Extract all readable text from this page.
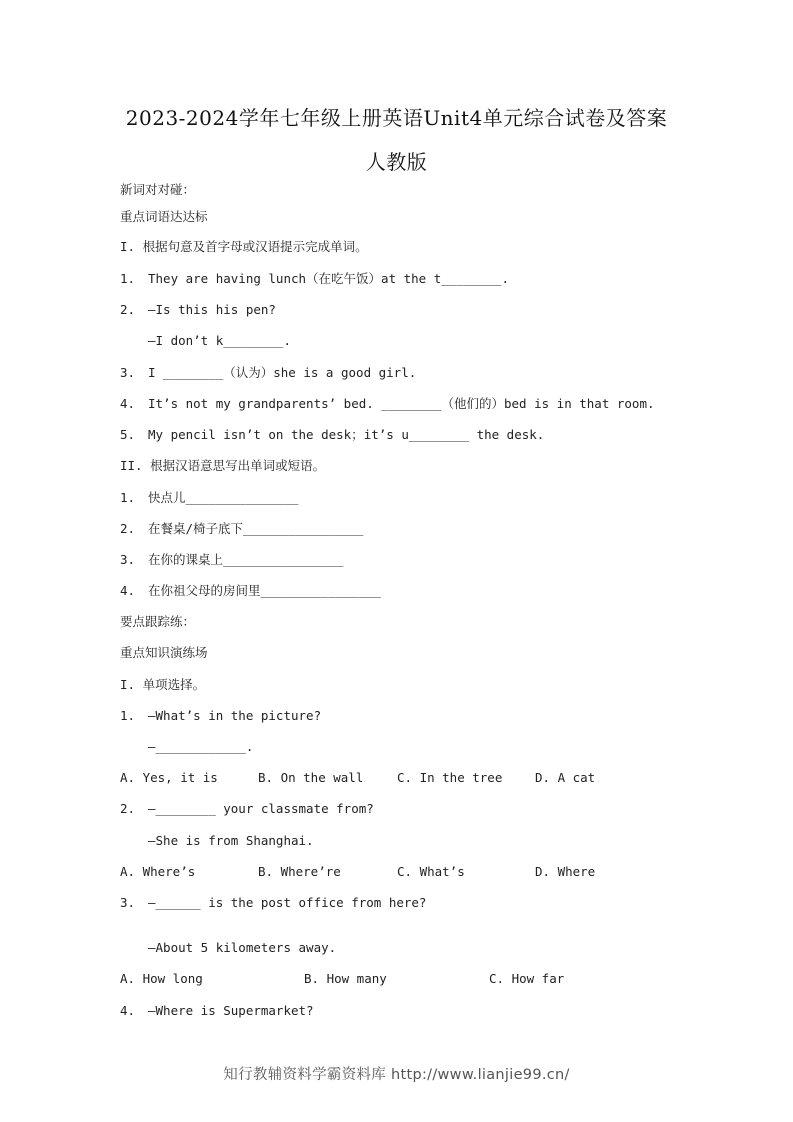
2023-2024学年七年级上册英语Unit4单元综合试卷及答案
人教版
新词对对碰：
重点词语达达标
I. 根据句意及首字母或汉语提示完成单词。
1. They are having lunch（在吃午饭）at the t________.
2. —Is this his pen?
—I don’t k________.
3. I ________（认为）she is a good girl.
4. It’s not my grandparents’ bed. ________（他们的）bed is in that room.
5. My pencil isn’t on the desk；it’s u________ the desk.
II. 根据汉语意思写出单词或短语。
1. 快点儿_______________
2. 在餐桌/椅子底下________________
3. 在你的课桌上________________
4. 在你祖父母的房间里________________
要点跟踪练：
重点知识演练场
I. 单项选择。
1. —What’s in the picture?
—____________.
A. Yes, it is	B. On the wall	C. In the tree	D. A cat
2. —________ your classmate from?
—She is from Shanghai.
A. Where’s	B. Where’re	C. What’s	D. Where
3. —______ is the post office from here?
—About 5 kilometers away.
A. How long	B. How many	C. How far
4. —Where is Supermarket?
知行教辅资料学霸资料库 http://www.lianjie99.cn/
